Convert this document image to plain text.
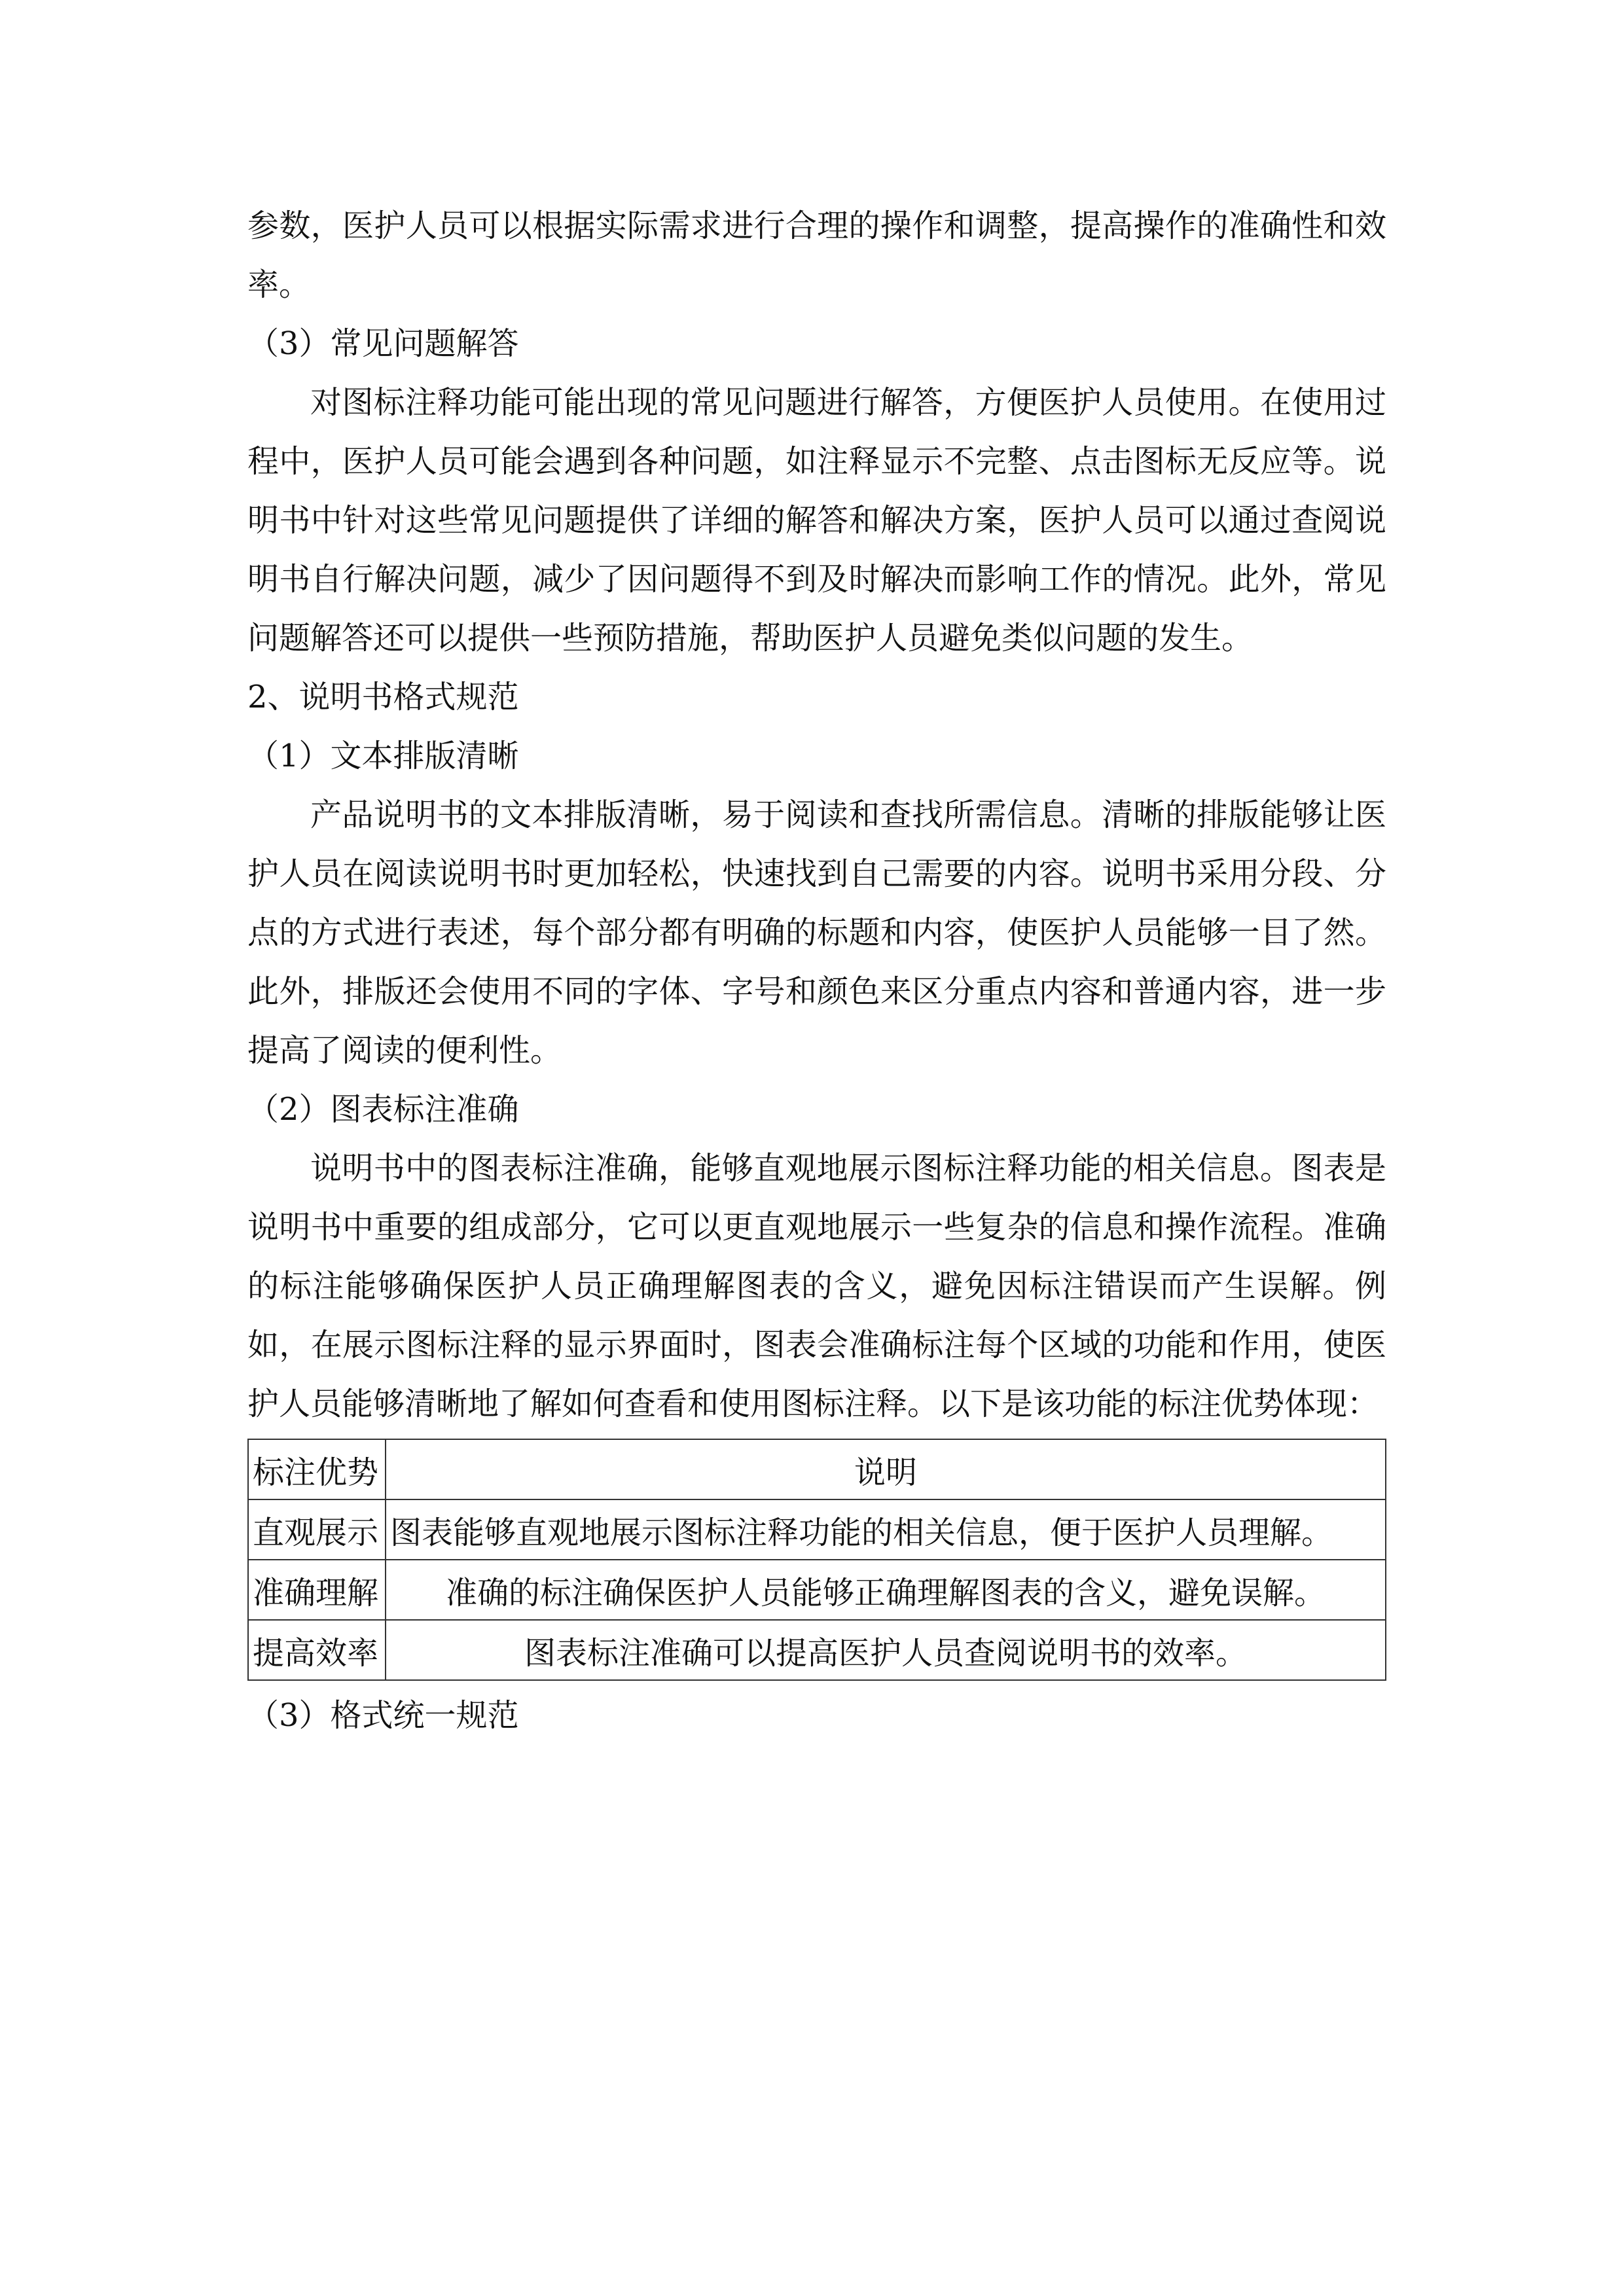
参数，医护人员可以根据实际需求进行合理的操作和调整，提高操作的准确性和效率。

（3）常见问题解答

对图标注释功能可能出现的常见问题进行解答，方便医护人员使用。在使用过程中，医护人员可能会遇到各种问题，如注释显示不完整、点击图标无反应等。说明书中针对这些常见问题提供了详细的解答和解决方案，医护人员可以通过查阅说明书自行解决问题，减少了因问题得不到及时解决而影响工作的情况。此外，常见问题解答还可以提供一些预防措施，帮助医护人员避免类似问题的发生。

2、说明书格式规范

（1）文本排版清晰

产品说明书的文本排版清晰，易于阅读和查找所需信息。清晰的排版能够让医护人员在阅读说明书时更加轻松，快速找到自己需要的内容。说明书采用分段、分点的方式进行表述，每个部分都有明确的标题和内容，使医护人员能够一目了然。此外，排版还会使用不同的字体、字号和颜色来区分重点内容和普通内容，进一步提高了阅读的便利性。

（2）图表标注准确

说明书中的图表标注准确，能够直观地展示图标注释功能的相关信息。图表是说明书中重要的组成部分，它可以更直观地展示一些复杂的信息和操作流程。准确的标注能够确保医护人员正确理解图表的含义，避免因标注错误而产生误解。例如，在展示图标注释的显示界面时，图表会准确标注每个区域的功能和作用，使医护人员能够清晰地了解如何查看和使用图标注释。以下是该功能的标注优势体现：

标注优势	说明
直观展示	图表能够直观地展示图标注释功能的相关信息，便于医护人员理解。
准确理解	准确的标注确保医护人员能够正确理解图表的含义，避免误解。
提高效率	图表标注准确可以提高医护人员查阅说明书的效率。

（3）格式统一规范
